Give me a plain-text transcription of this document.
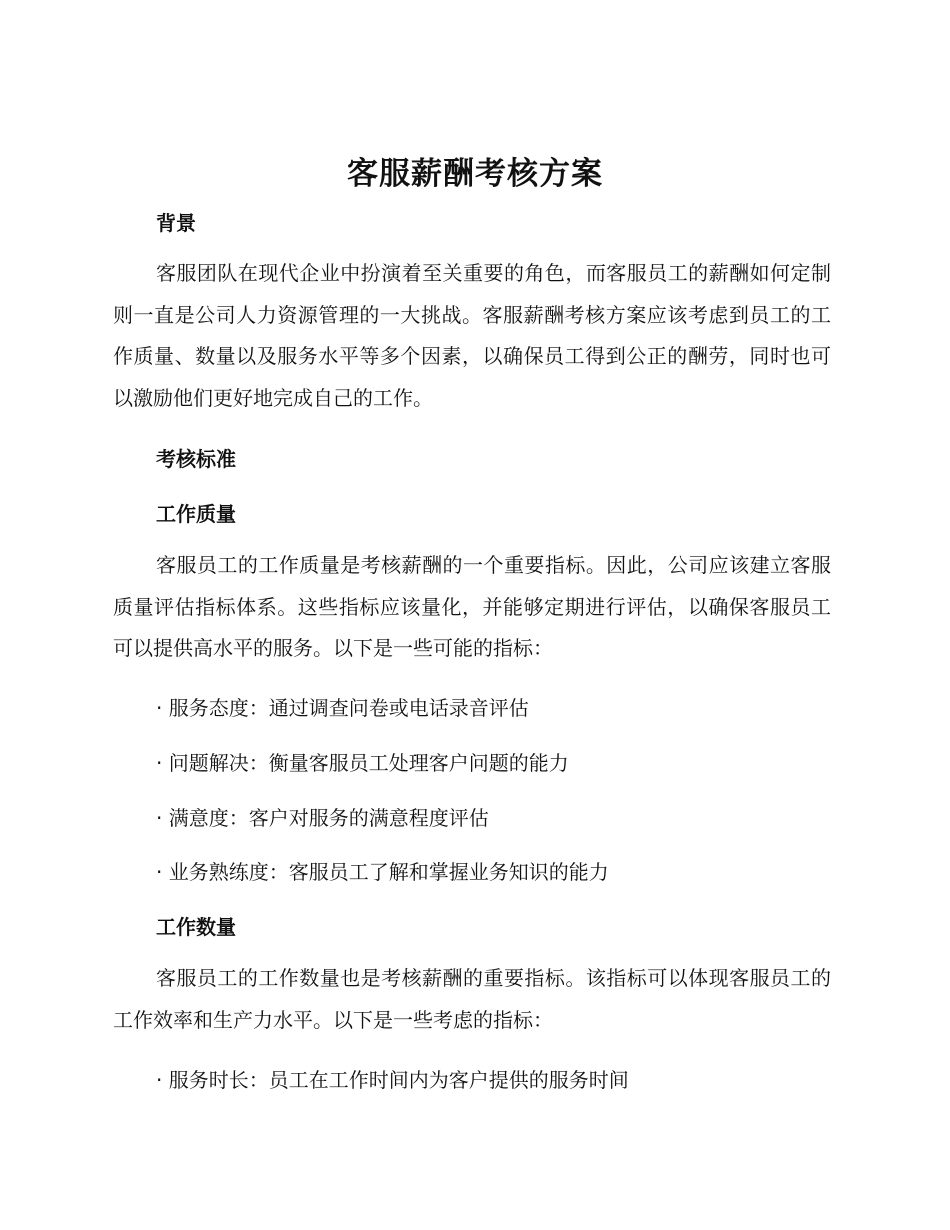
客服薪酬考核方案
背景
客服团队在现代企业中扮演着至关重要的角色，而客服员工的薪酬如何定制则一直是公司人力资源管理的一大挑战。客服薪酬考核方案应该考虑到员工的工作质量、数量以及服务水平等多个因素，以确保员工得到公正的酬劳，同时也可以激励他们更好地完成自己的工作。
考核标准
工作质量
客服员工的工作质量是考核薪酬的一个重要指标。因此，公司应该建立客服质量评估指标体系。这些指标应该量化，并能够定期进行评估，以确保客服员工可以提供高水平的服务。以下是一些可能的指标：
· 服务态度：通过调查问卷或电话录音评估
· 问题解决：衡量客服员工处理客户问题的能力
· 满意度：客户对服务的满意程度评估
· 业务熟练度：客服员工了解和掌握业务知识的能力
工作数量
客服员工的工作数量也是考核薪酬的重要指标。该指标可以体现客服员工的工作效率和生产力水平。以下是一些考虑的指标：
· 服务时长：员工在工作时间内为客户提供的服务时间
